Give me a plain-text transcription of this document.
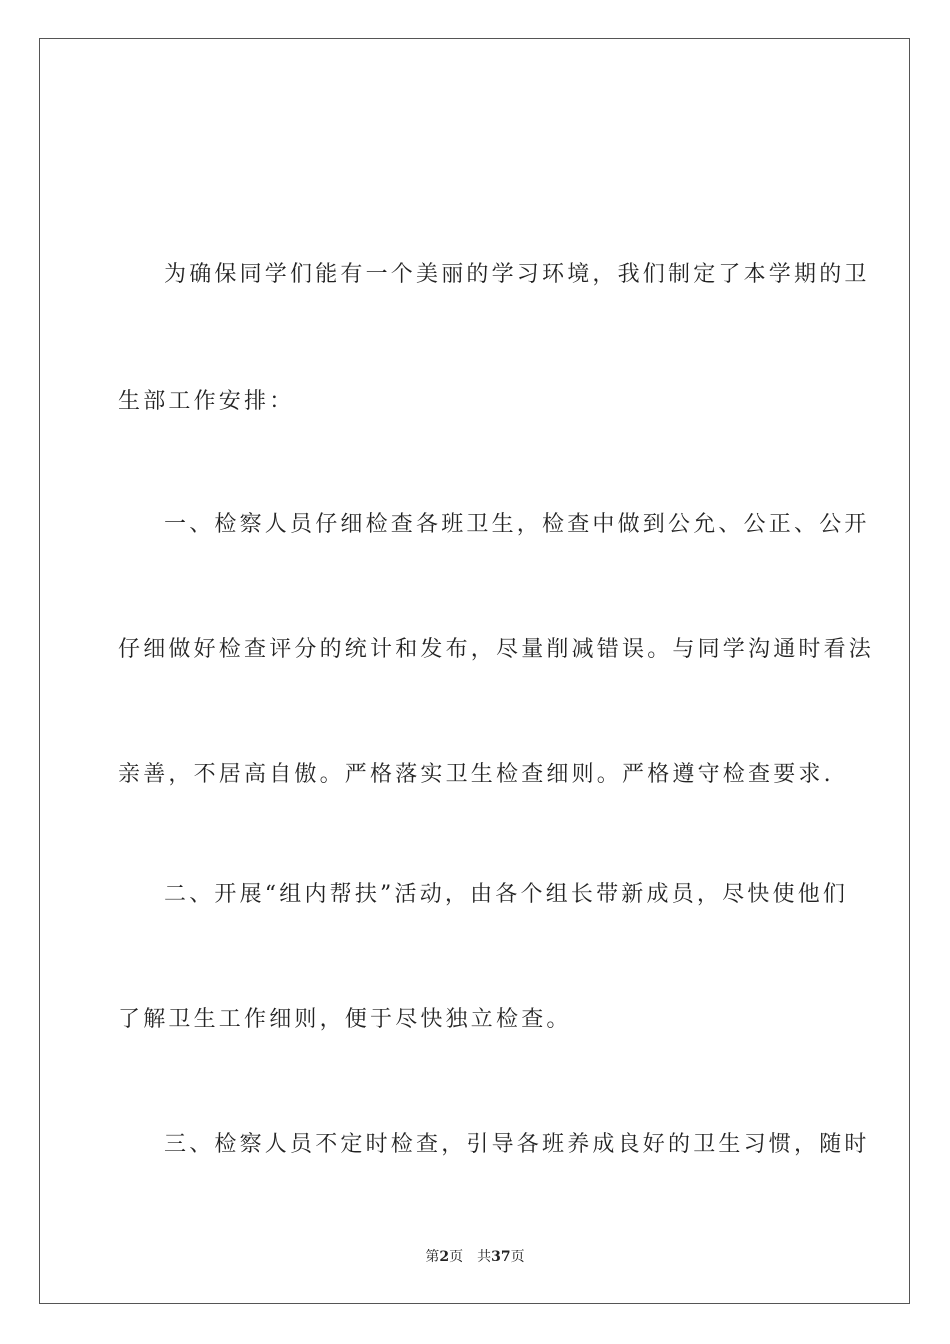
为确保同学们能有一个美丽的学习环境，我们制定了本学期的卫
生部工作安排：
一、检察人员仔细检查各班卫生，检查中做到公允、公正、公开
仔细做好检查评分的统计和发布，尽量削减错误。与同学沟通时看法
亲善，不居高自傲。严格落实卫生检查细则。严格遵守检查要求.
二、开展“组内帮扶”活动，由各个组长带新成员，尽快使他们
了解卫生工作细则，便于尽快独立检查。
三、检察人员不定时检查，引导各班养成良好的卫生习惯，随时
第2页 共37页
